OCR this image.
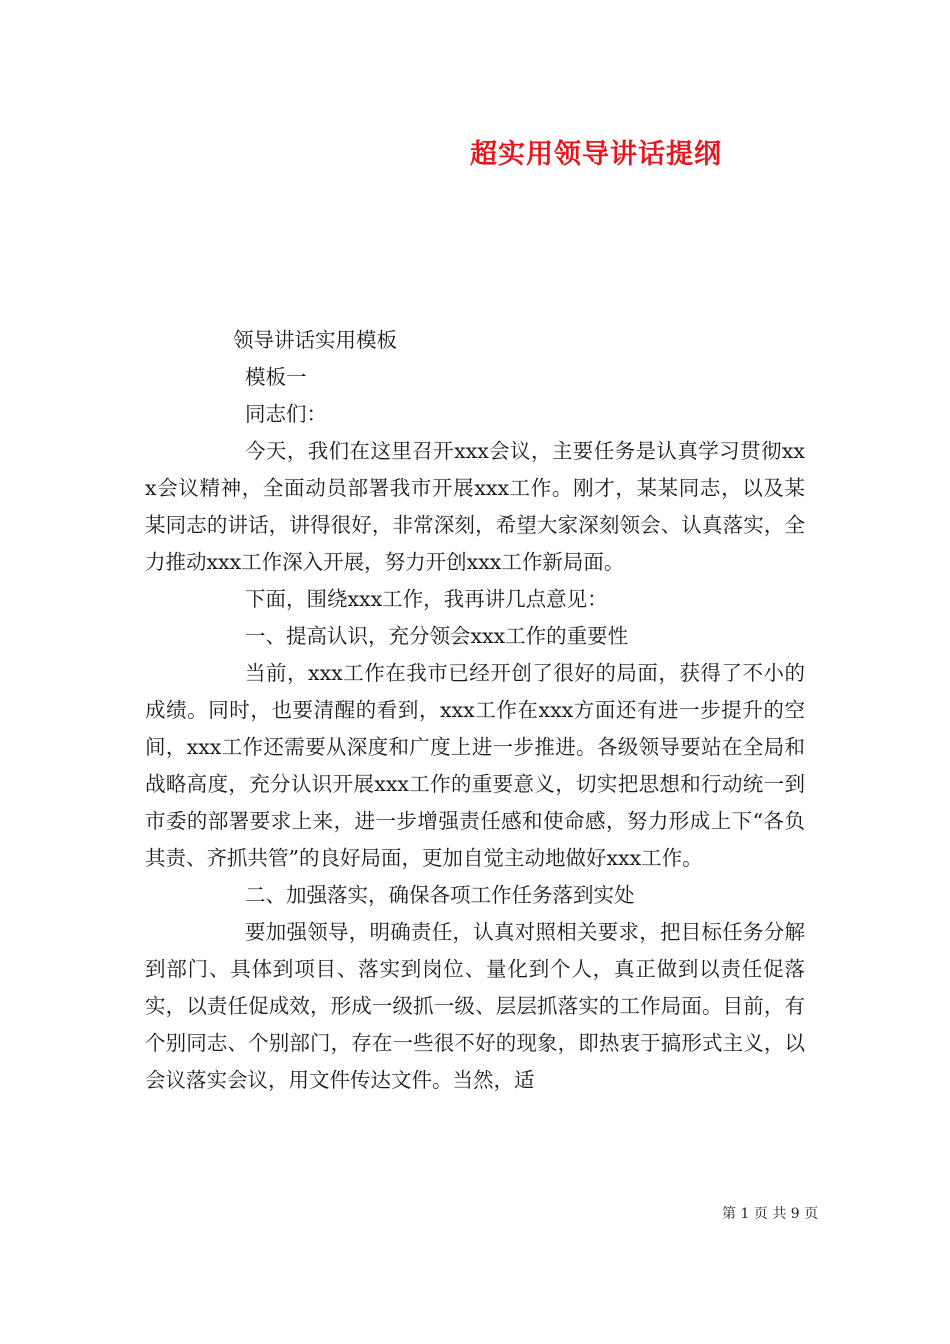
超实用领导讲话提纲

领导讲话实用模板

模板一

同志们：

今天，我们在这里召开xxx会议，主要任务是认真学习贯彻xxx会议精神，全面动员部署我市开展xxx工作。刚才，某某同志，以及某某同志的讲话，讲得很好，非常深刻，希望大家深刻领会、认真落实，全力推动xxx工作深入开展，努力开创xxx工作新局面。

下面，围绕xxx工作，我再讲几点意见：

一、提高认识，充分领会xxx工作的重要性

当前，xxx工作在我市已经开创了很好的局面，获得了不小的成绩。同时，也要清醒的看到，xxx工作在xxx方面还有进一步提升的空间，xxx工作还需要从深度和广度上进一步推进。各级领导要站在全局和战略高度，充分认识开展xxx工作的重要意义，切实把思想和行动统一到市委的部署要求上来，进一步增强责任感和使命感，努力形成上下“各负其责、齐抓共管”的良好局面，更加自觉主动地做好xxx工作。

二、加强落实，确保各项工作任务落到实处

要加强领导，明确责任，认真对照相关要求，把目标任务分解到部门、具体到项目、落实到岗位、量化到个人，真正做到以责任促落实，以责任促成效，形成一级抓一级、层层抓落实的工作局面。目前，有个别同志、个别部门，存在一些很不好的现象，即热衷于搞形式主义，以会议落实会议，用文件传达文件。当然，适

第 1 页 共 9 页
